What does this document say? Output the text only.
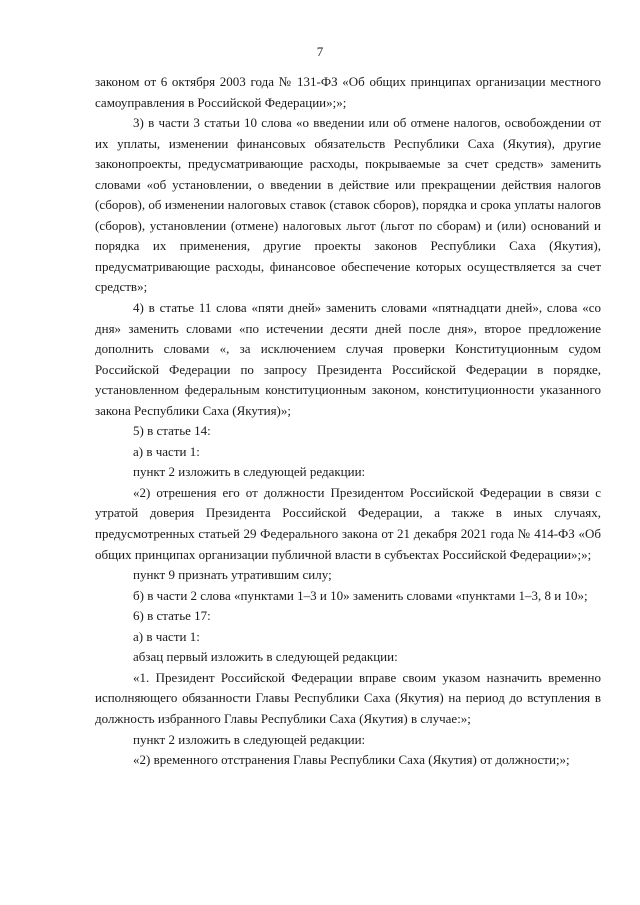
7

законом от 6 октября 2003 года № 131-ФЗ «Об общих принципах организации местного самоуправления в Российской Федерации»;»;

3) в части 3 статьи 10 слова «о введении или об отмене налогов, освобождении от их уплаты, изменении финансовых обязательств Республики Саха (Якутия), другие законопроекты, предусматривающие расходы, покрываемые за счет средств» заменить словами «об установлении, о введении в действие или прекращении действия налогов (сборов), об изменении налоговых ставок (ставок сборов), порядка и срока уплаты налогов (сборов), установлении (отмене) налоговых льгот (льгот по сборам) и (или) оснований и порядка их применения, другие проекты законов Республики Саха (Якутия), предусматривающие расходы, финансовое обеспечение которых осуществляется за счет средств»;

4) в статье 11 слова «пяти дней» заменить словами «пятнадцати дней», слова «со дня» заменить словами «по истечении десяти дней после дня», второе предложение дополнить словами «, за исключением случая проверки Конституционным судом Российской Федерации по запросу Президента Российской Федерации в порядке, установленном федеральным конституционным законом, конституционности указанного закона Республики Саха (Якутия)»;

5) в статье 14:

а) в части 1:

пункт 2 изложить в следующей редакции:

«2) отрешения его от должности Президентом Российской Федерации в связи с утратой доверия Президента Российской Федерации, а также в иных случаях, предусмотренных статьей 29 Федерального закона от 21 декабря 2021 года № 414-ФЗ «Об общих принципах организации публичной власти в субъектах Российской Федерации»;»;

пункт 9 признать утратившим силу;

б) в части 2 слова «пунктами 1–3 и 10» заменить словами «пунктами 1–3, 8 и 10»;

6) в статье 17:

а) в части 1:

абзац первый изложить в следующей редакции:

«1. Президент Российской Федерации вправе своим указом назначить временно исполняющего обязанности Главы Республики Саха (Якутия) на период до вступления в должность избранного Главы Республики Саха (Якутия) в случае:»;

пункт 2 изложить в следующей редакции:

«2) временного отстранения Главы Республики Саха (Якутия) от должности;»;
